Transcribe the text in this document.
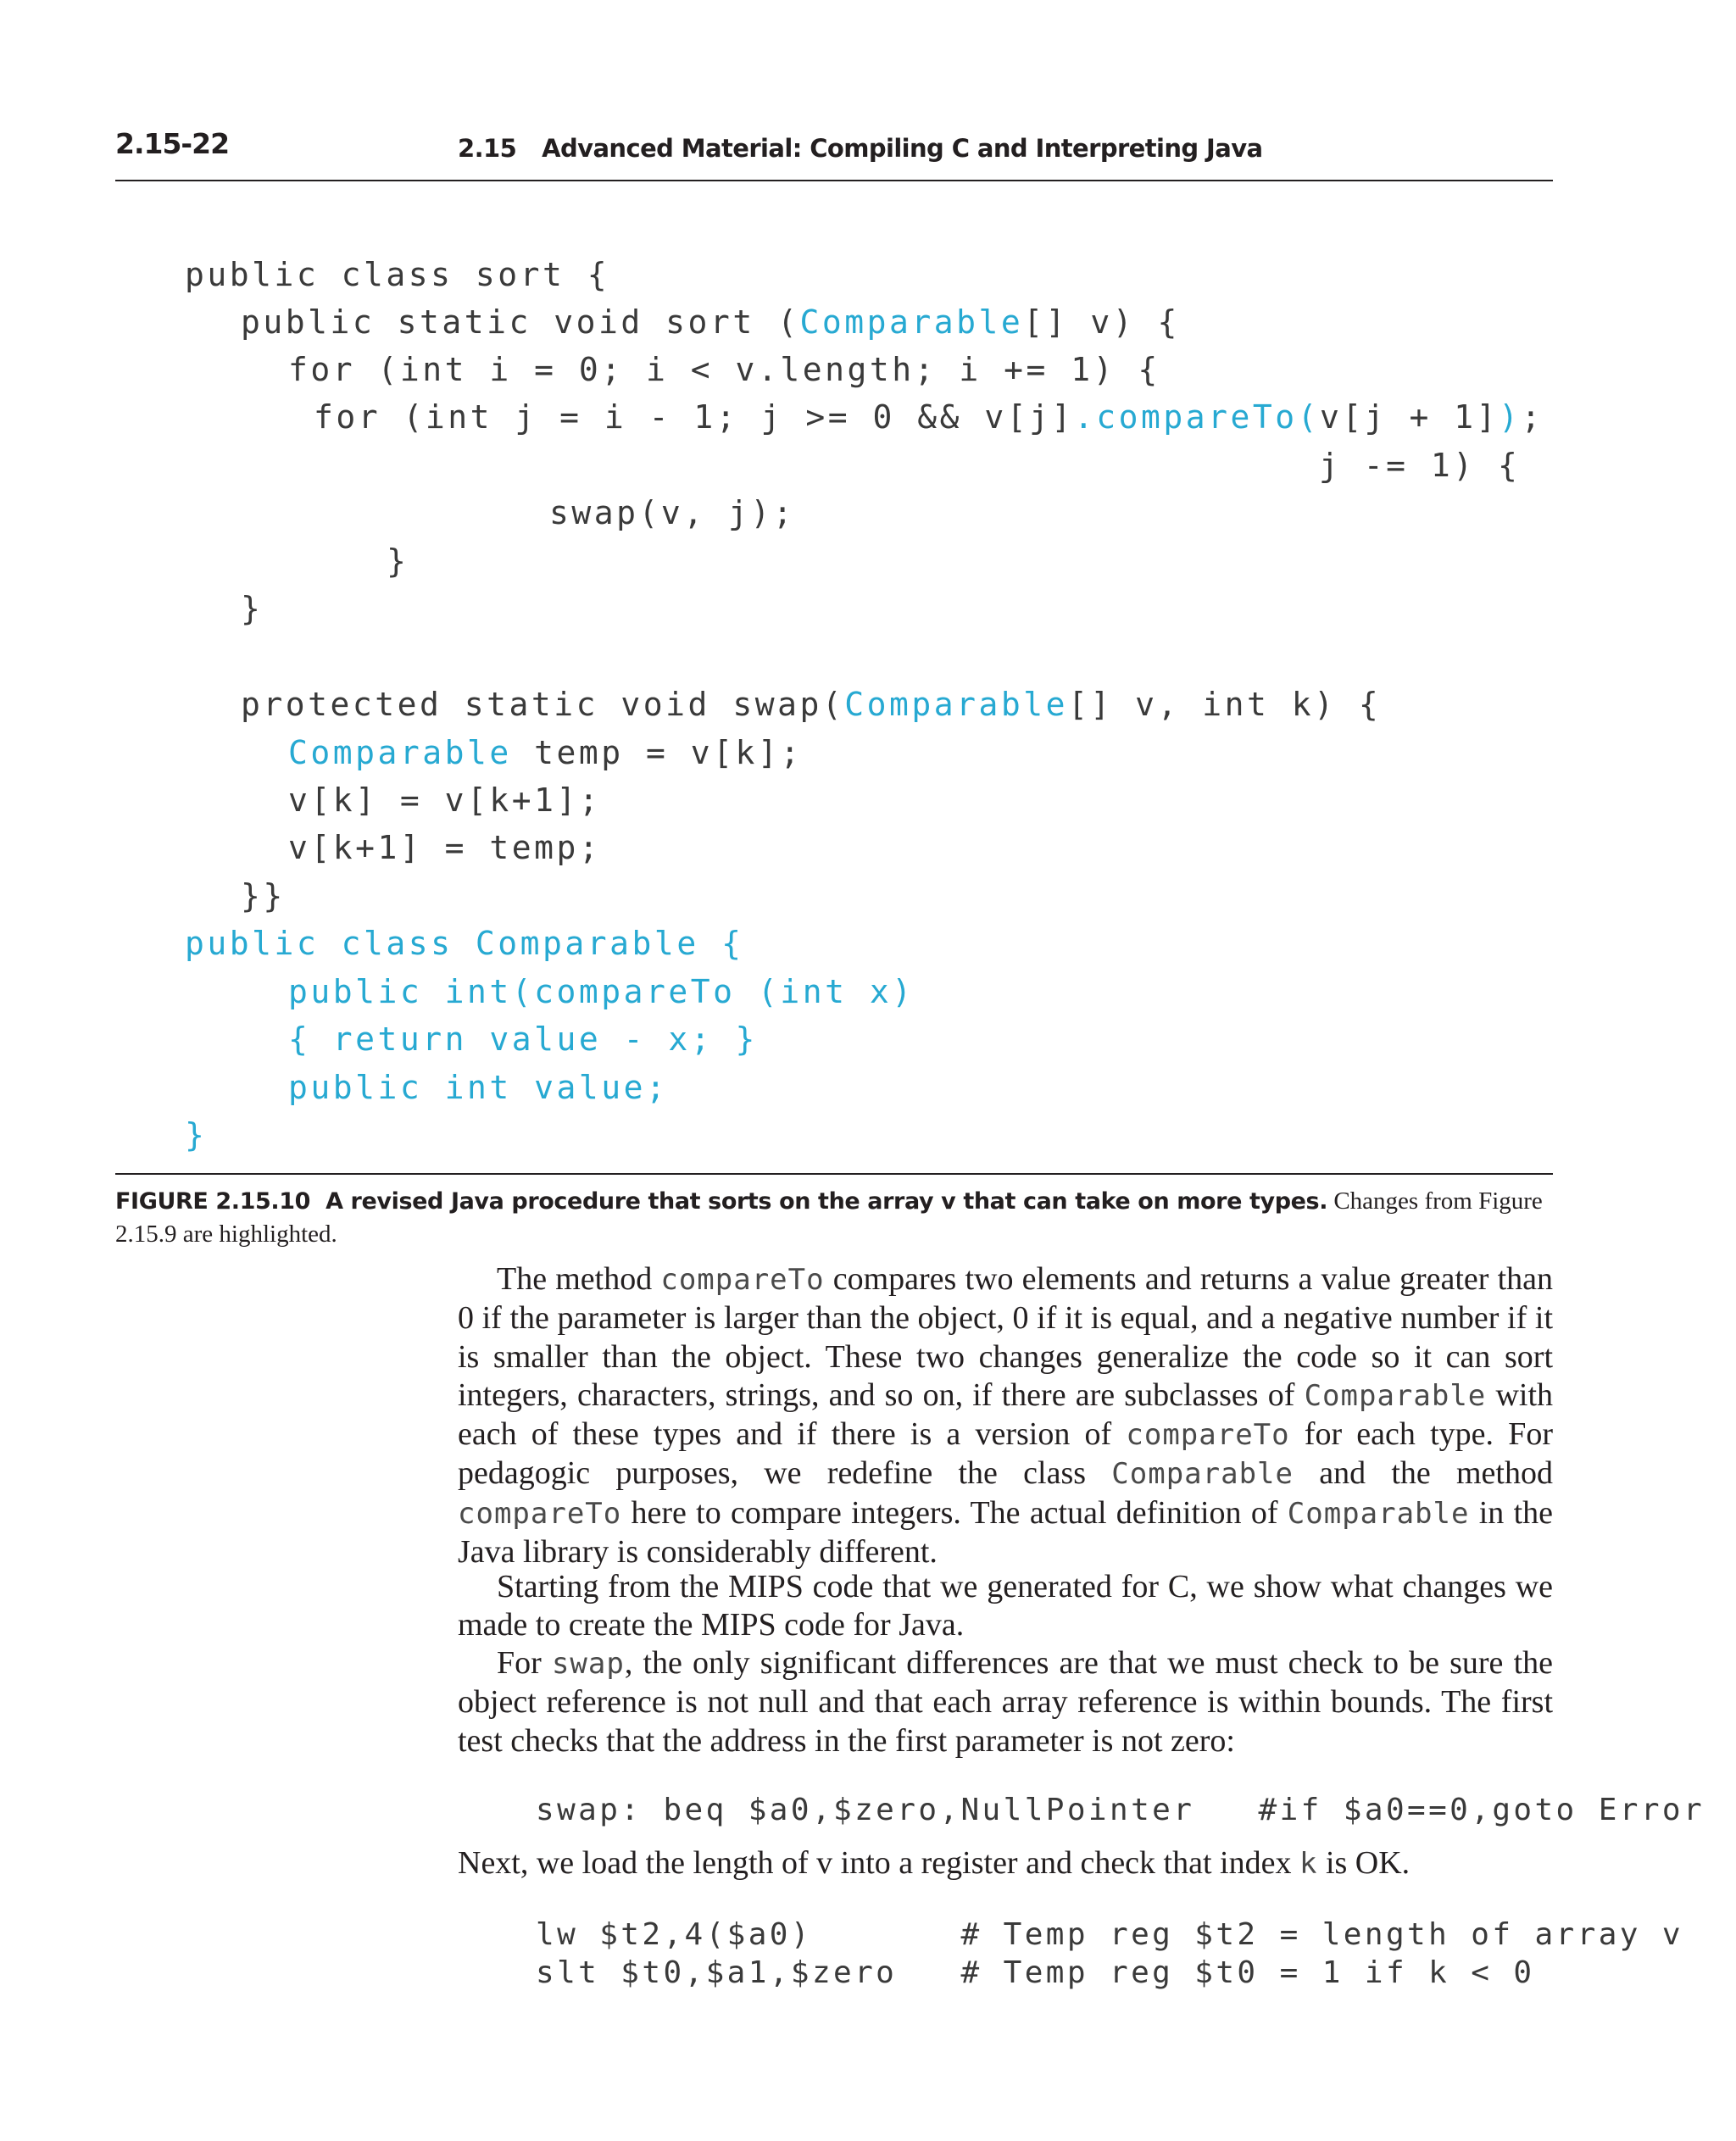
2.15-22	2.15 Advanced Material: Compiling C and Interpreting Java
public class sort {
public static void sort (Comparable[] v) {
for (int i = 0; i < v.length; i += 1) {
for (int j = i - 1; j >= 0 && v[j].compareTo(v[j + 1]);
j -= 1) {
swap(v, j);
}
}
protected static void swap(Comparable[] v, int k) {
Comparable temp = v[k];
v[k] = v[k+1];
v[k+1] = temp;
}}
public class Comparable {
public int(compareTo (int x)
{ return value - x; }
public int value;
}
FIGURE 2.15.10 A revised Java procedure that sorts on the array v that can take on more types. Changes from Figure 2.15.9 are highlighted.
The method compareTo compares two elements and returns a value greater than 0 if the parameter is larger than the object, 0 if it is equal, and a negative number if it is smaller than the object. These two changes generalize the code so it can sort integers, characters, strings, and so on, if there are subclasses of Comparable with each of these types and if there is a version of compareTo for each type. For pedagogic purposes, we redefine the class Comparable and the method compareTo here to compare integers. The actual definition of Comparable in the Java library is considerably different.
Starting from the MIPS code that we generated for C, we show what changes we made to create the MIPS code for Java.
For swap, the only significant differences are that we must check to be sure the object reference is not null and that each array reference is within bounds. The first test checks that the address in the first parameter is not zero:
swap: beq $a0,$zero,NullPointer   #if $a0==0,goto Error
Next, we load the length of v into a register and check that index k is OK.
lw $t2,4($a0)       # Temp reg $t2 = length of array v
slt $t0,$a1,$zero   # Temp reg $t0 = 1 if k < 0
